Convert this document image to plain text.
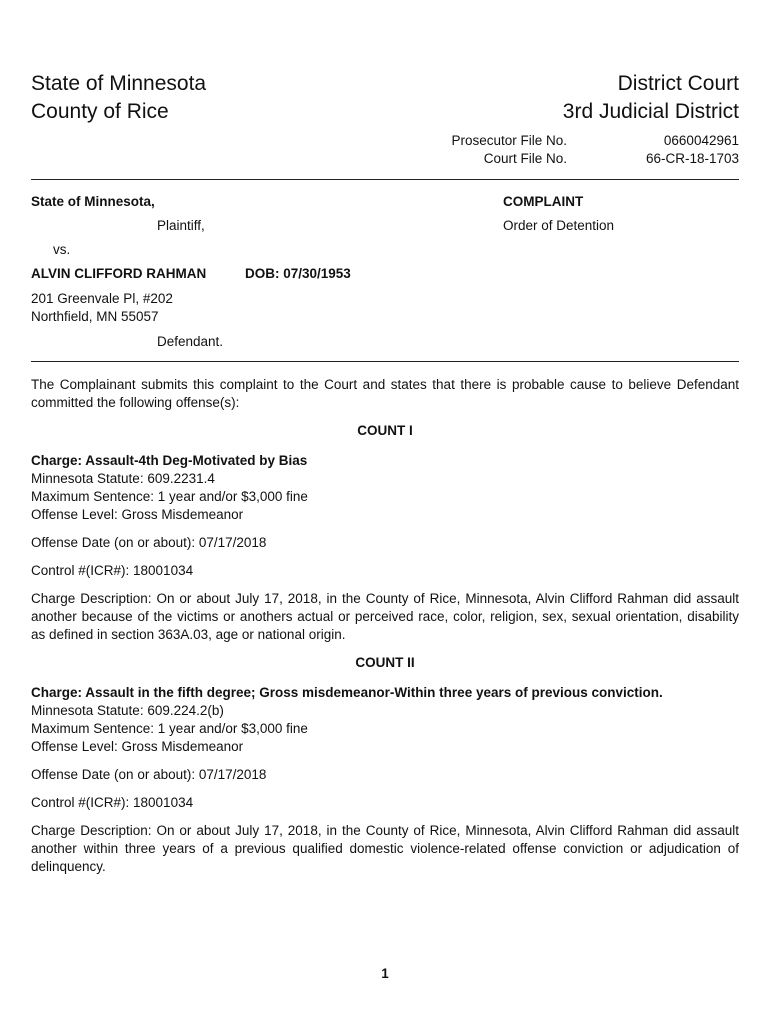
State of Minnesota
County of Rice
District Court
3rd Judicial District
Prosecutor File No.	0660042961
Court File No.	66-CR-18-1703
State of Minnesota,
Plaintiff,
vs.
ALVIN CLIFFORD RAHMAN	DOB: 07/30/1953
201 Greenvale Pl, #202
Northfield, MN 55057
Defendant.
COMPLAINT
Order of Detention

The Complainant submits this complaint to the Court and states that there is probable cause to believe Defendant committed the following offense(s):

COUNT I

Charge: Assault-4th Deg-Motivated by Bias

Minnesota Statute: 609.2231.4

Maximum Sentence: 1 year and/or $3,000 fine

Offense Level: Gross Misdemeanor

Offense Date (on or about): 07/17/2018

Control #(ICR#): 18001034

Charge Description: On or about July 17, 2018, in the County of Rice, Minnesota, Alvin Clifford Rahman did assault another because of the victims or anothers actual or perceived race, color, religion, sex, sexual orientation, disability as defined in section 363A.03, age or national origin.

COUNT II

Charge: Assault in the fifth degree; Gross misdemeanor-Within three years of previous conviction.

Minnesota Statute: 609.224.2(b)

Maximum Sentence: 1 year and/or $3,000 fine

Offense Level: Gross Misdemeanor

Offense Date (on or about): 07/17/2018

Control #(ICR#): 18001034

Charge Description: On or about July 17, 2018, in the County of Rice, Minnesota, Alvin Clifford Rahman did assault another within three years of a previous qualified domestic violence-related offense conviction or adjudication of delinquency.

1
